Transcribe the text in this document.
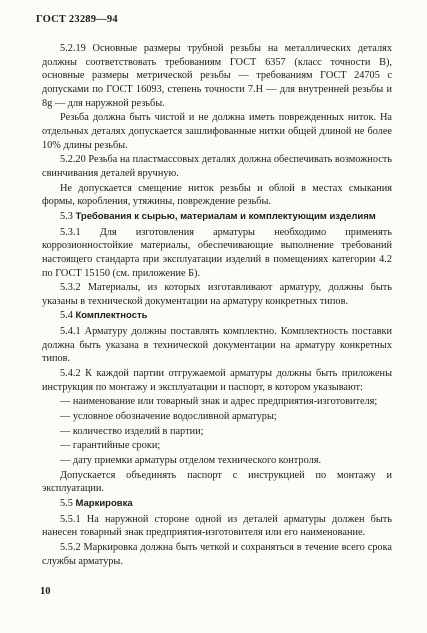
ГОСТ 23289—94

5.2.19 Основные размеры трубной резьбы на металлических деталях должны соответствовать требованиям ГОСТ 6357 (класс точности В), основные размеры метрической резьбы — требованиям ГОСТ 24705 с допусками по ГОСТ 16093, степень точности 7.Н — для внутренней резьбы и 8g — для наружной резьбы.

Резьба должна быть чистой и не должна иметь поврежденных ниток. На отдельных деталях допускается зашлифованные нитки общей длиной не более 10% длины резьбы.

5.2.20 Резьба на пластмассовых деталях должна обеспечивать возможность свинчивания деталей вручную.

Не допускается смещение ниток резьбы и облой в местах смыкания формы, коробления, утяжины, повреждение резьбы.

5.3 Требования к сырью, материалам и комплектующим изделиям

5.3.1 Для изготовления арматуры необходимо применять коррозионностойкие материалы, обеспечивающие выполнение требований настоящего стандарта при эксплуатации изделий в помещениях категории 4.2 по ГОСТ 15150 (см. приложение Б).

5.3.2 Материалы, из которых изготавливают арматуру, должны быть указаны в технической документации на арматуру конкретных типов.

5.4 Комплектность

5.4.1 Арматуру должны поставлять комплектно. Комплектность поставки должна быть указана в технической документации на арматуру конкретных типов.

5.4.2 К каждой партии отгружаемой арматуры должны быть приложены инструкция по монтажу и эксплуатации и паспорт, в котором указывают:

— наименование или товарный знак и адрес предприятия-изготовителя;

— условное обозначение водосливной арматуры;

— количество изделий в партии;

— гарантийные сроки;

— дату приемки арматуры отделом технического контроля.

Допускается объединять паспорт с инструкцией по монтажу и эксплуатации.

5.5 Маркировка

5.5.1 На наружной стороне одной из деталей арматуры должен быть нанесен товарный знак предприятия-изготовителя или его наименование.

5.5.2 Маркировка должна быть четкой и сохраняться в течение всего срока службы арматуры.

10
